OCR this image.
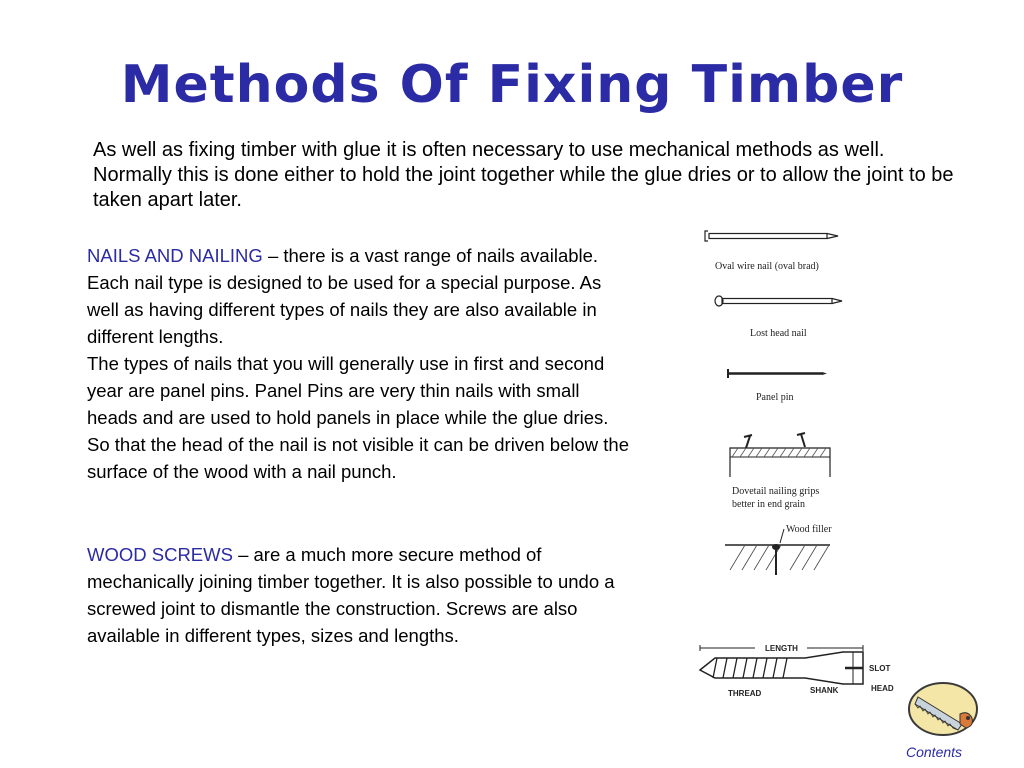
Methods Of Fixing Timber
As well as fixing timber with glue it is often necessary to use mechanical methods as well. Normally this is done either to hold the joint together while the glue dries or to allow the joint to be taken apart later.

NAILS AND NAILING – there is a vast range of nails available. Each nail type is designed to be used for a special purpose. As well as having different types of nails they are also available in different lengths.

The types of nails that you will generally use in first and second year are panel pins. Panel Pins are very thin nails with small heads and are used to hold panels in place while the glue dries. So that the head of the nail is not visible it can be driven below the surface of the wood with a nail punch.

WOOD SCREWS – are a much more secure method of mechanically joining timber together. It is also possible to undo a screwed joint to dismantle the construction. Screws are also available in different types, sizes and lengths.

Oval wire nail (oval brad)
Lost head nail
Panel pin
Dovetail nailing grips
better in end grain
Wood filler
LENGTH
SLOT
HEAD
THREAD	SHANK
Contents
